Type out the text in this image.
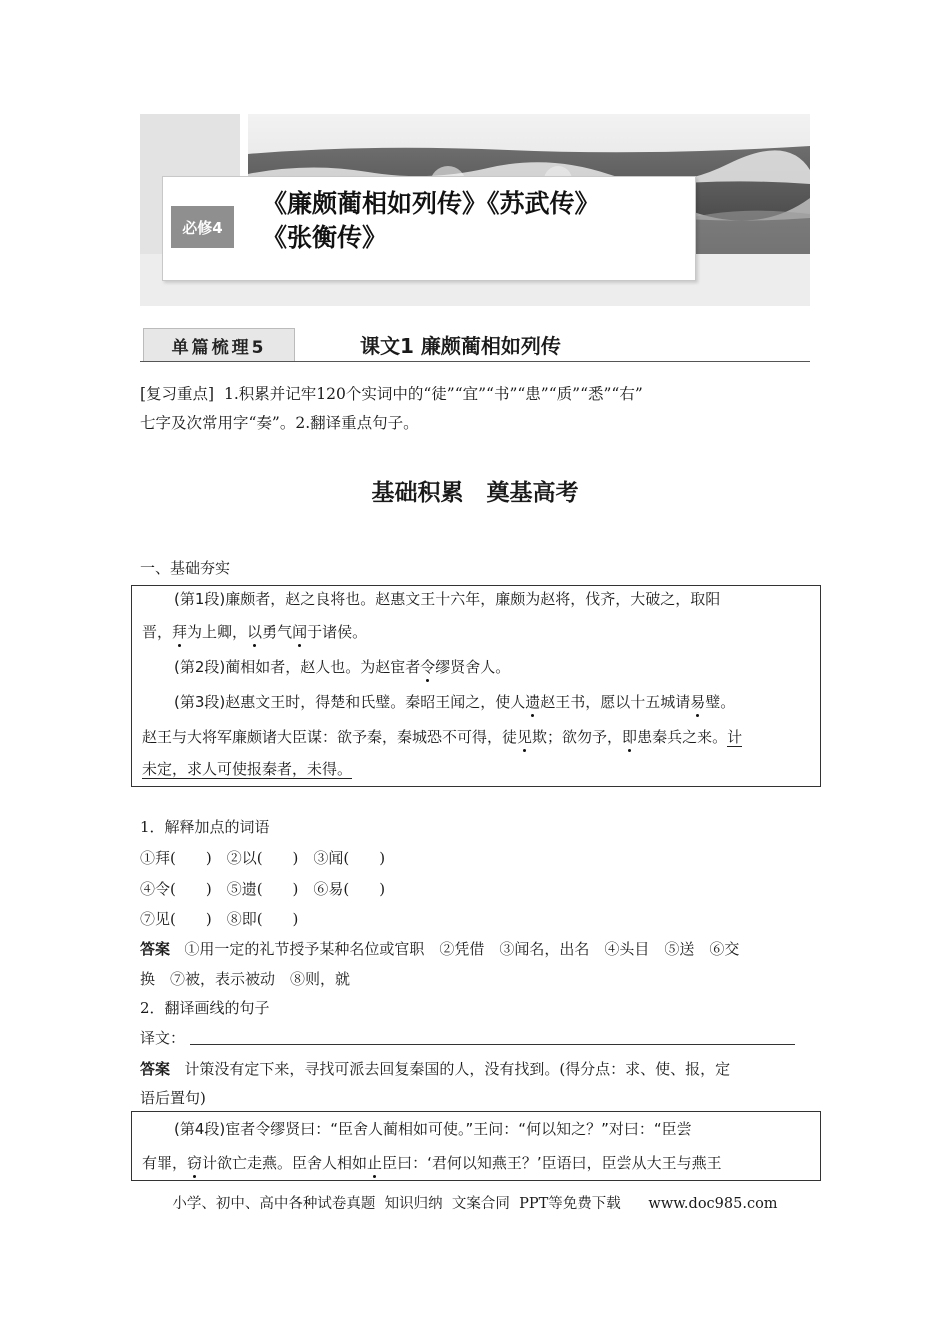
必修4
《廉颇蔺相如列传》《苏武传》
《张衡传》
单篇梳理5	课文1 廉颇蔺相如列传
[复习重点] 1.积累并记牢120个实词中的“徒”“宜”“书”“患”“质”“悉”“右”
七字及次常用字“奏”。2.翻译重点句子。
基础积累　奠基高考
一、基础夯实
(第1段)廉颇者，赵之良将也。赵惠文王十六年，廉颇为赵将，伐齐，大破之，取阳
晋，拜为上卿，以勇气闻于诸侯。
(第2段)蔺相如者，赵人也。为赵宦者令缪贤舍人。
(第3段)赵惠文王时，得楚和氏璧。秦昭王闻之，使人遗赵王书，愿以十五城请易璧。
赵王与大将军廉颇诸大臣谋：欲予秦，秦城恐不可得，徒见欺；欲勿予，即患秦兵之来。计
未定，求人可使报秦者，未得。
1．解释加点的词语
①拜(　　)　②以(　　)　③闻(　　)
④令(　　)　⑤遗(　　)　⑥易(　　)
⑦见(　　)　⑧即(　　)
答案 ①用一定的礼节授予某种名位或官职　②凭借　③闻名，出名　④头目　⑤送　⑥交
换　⑦被，表示被动　⑧则，就
2．翻译画线的句子
译文：
答案 计策没有定下来，寻找可派去回复秦国的人，没有找到。(得分点：求、使、报，定
语后置句)
(第4段)宦者令缪贤曰：“臣舍人蔺相如可使。”王问：“何以知之？”对曰：“臣尝
有罪，窃计欲亡走燕。臣舍人相如止臣曰：‘君何以知燕王？’臣语曰，臣尝从大王与燕王
小学、初中、高中各种试卷真题  知识归纳  文案合同  PPT等免费下载      www.doc985.com
